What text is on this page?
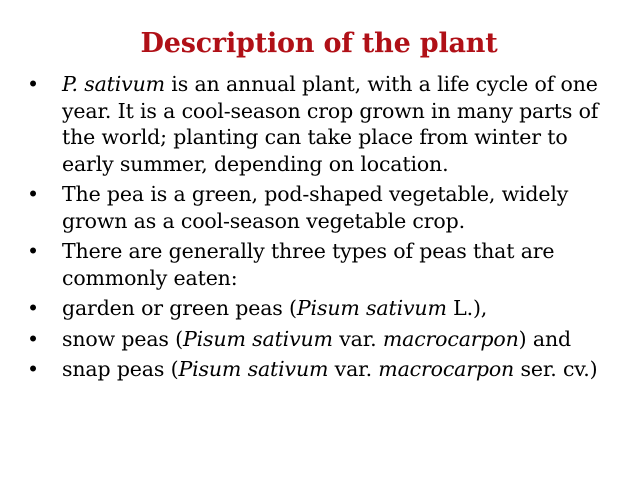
Description of the plant
•	P. sativum is an annual plant, with a life cycle of one year. It is a cool-season crop grown in many parts of the world; planting can take place from winter to early summer, depending on location.
•	The pea is a green, pod-shaped vegetable, widely grown as a cool-season vegetable crop.
•	There are generally three types of peas that are commonly eaten:
•	garden or green peas (Pisum sativum L.),
•	snow peas (Pisum sativum var. macrocarpon) and
•	snap peas (Pisum sativum var. macrocarpon ser. cv.)
